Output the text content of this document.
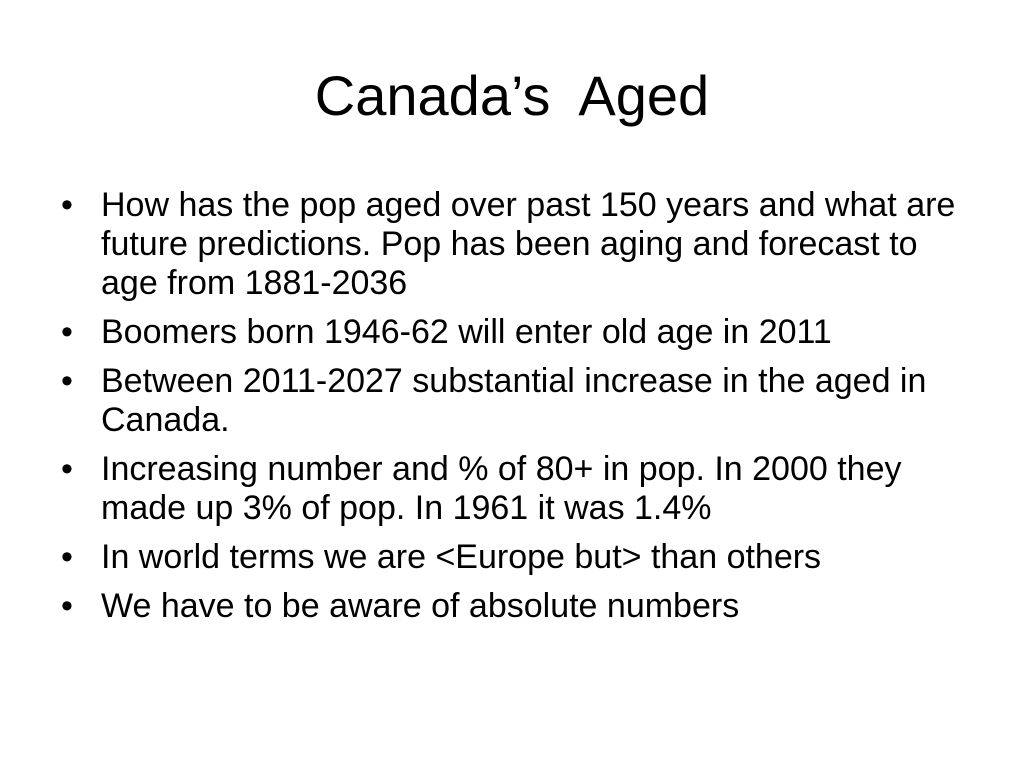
Canada’s  Aged
• How has the pop aged over past 150 years and what are future predictions. Pop has been aging and forecast to age from 1881-2036
• Boomers born 1946-62 will enter old age in 2011
• Between 2011-2027 substantial increase in the aged in Canada.
• Increasing number and % of 80+ in pop. In 2000 they made up 3% of pop. In 1961 it was 1.4%
• In world terms we are <Europe but> than others
• We have to be aware of absolute numbers
